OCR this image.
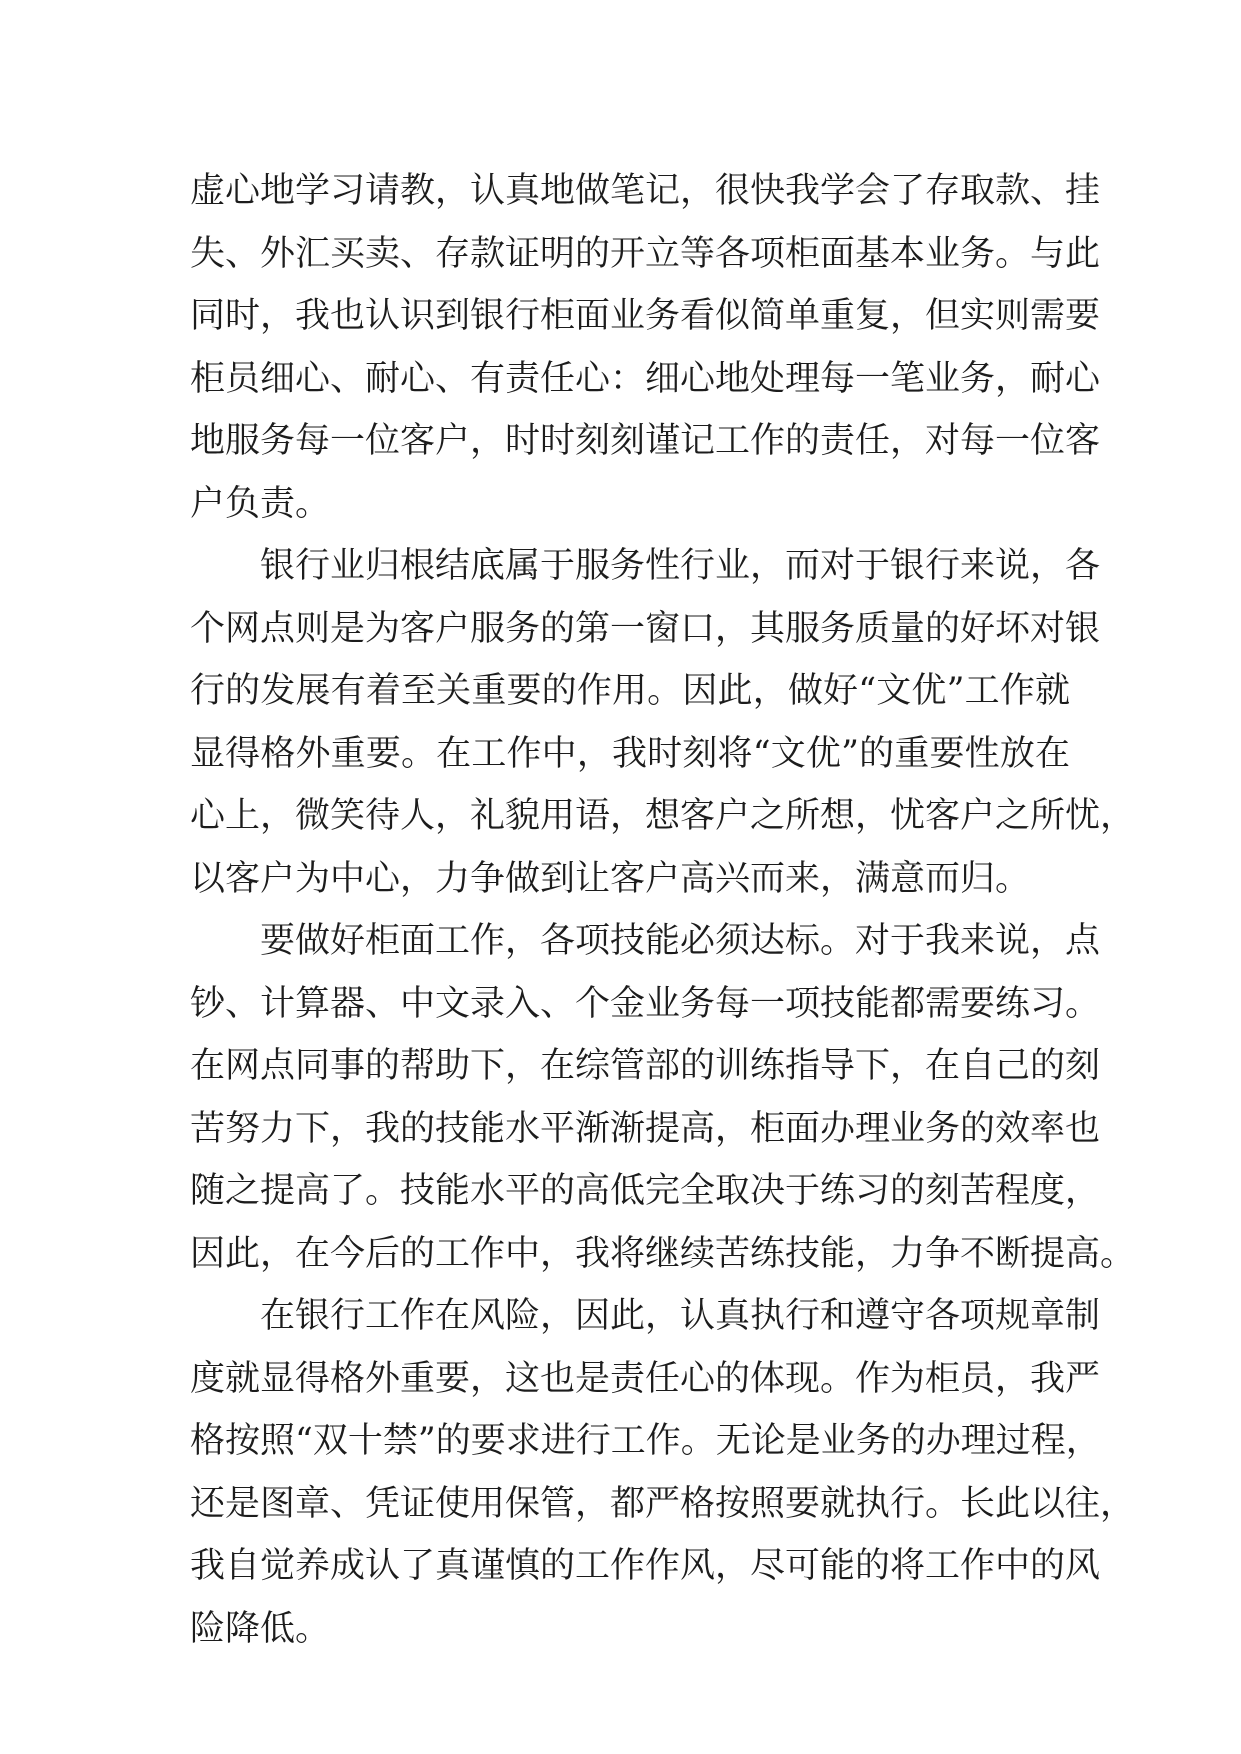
虚心地学习请教，认真地做笔记，很快我学会了存取款、挂
失、外汇买卖、存款证明的开立等各项柜面基本业务。与此
同时，我也认识到银行柜面业务看似简单重复，但实则需要
柜员细心、耐心、有责任心：细心地处理每一笔业务，耐心
地服务每一位客户，时时刻刻谨记工作的责任，对每一位客
户负责。
银行业归根结底属于服务性行业，而对于银行来说，各
个网点则是为客户服务的第一窗口，其服务质量的好坏对银
行的发展有着至关重要的作用。因此，做好“文优”工作就
显得格外重要。在工作中，我时刻将“文优”的重要性放在
心上，微笑待人，礼貌用语，想客户之所想，忧客户之所忧，
以客户为中心，力争做到让客户高兴而来，满意而归。
要做好柜面工作，各项技能必须达标。对于我来说，点
钞、计算器、中文录入、个金业务每一项技能都需要练习。
在网点同事的帮助下，在综管部的训练指导下，在自己的刻
苦努力下，我的技能水平渐渐提高，柜面办理业务的效率也
随之提高了。技能水平的高低完全取决于练习的刻苦程度，
因此，在今后的工作中，我将继续苦练技能，力争不断提高。
在银行工作在风险，因此，认真执行和遵守各项规章制
度就显得格外重要，这也是责任心的体现。作为柜员，我严
格按照“双十禁”的要求进行工作。无论是业务的办理过程，
还是图章、凭证使用保管，都严格按照要就执行。长此以往，
我自觉养成认了真谨慎的工作作风，尽可能的将工作中的风
险降低。
